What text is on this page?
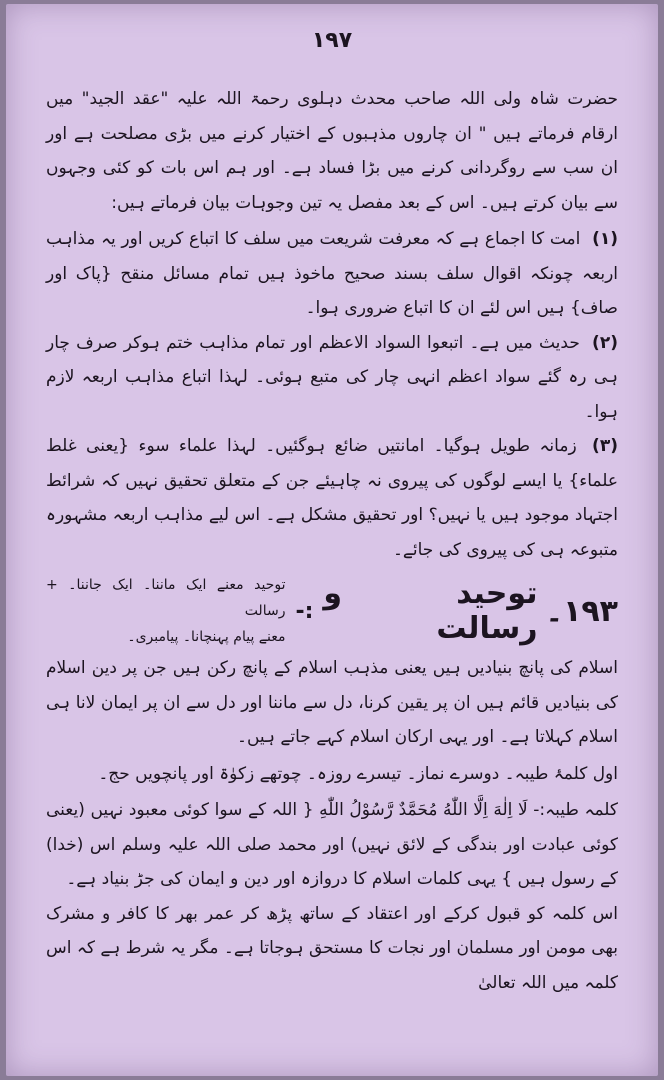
۱۹۷

حضرت شاہ ولی اللہ صاحب محدث دہلوی رحمۃ اللہ علیہ "عقد الجید" میں ارقام فرماتے ہیں " ان چاروں مذہبوں کے اختیار کرنے میں بڑی مصلحت ہے اور ان سب سے روگردانی کرنے میں بڑا فساد ہے۔ اور ہم اس بات کو کئی وجہوں سے بیان کرتے ہیں۔ اس کے بعد مفصل یہ تین وجوہات بیان فرماتے ہیں:

(۱) امت کا اجماع ہے کہ معرفت شریعت میں سلف کا اتباع کریں اور یہ مذاہب اربعہ چونکہ اقوال سلف بسند صحیح ماخوذ ہیں تمام مسائل منقح {پاک اور صاف} ہیں اس لئے ان کا اتباع ضروری ہوا۔

(۲) حدیث میں ہے۔ اتبعوا السواد الاعظم اور تمام مذاہب ختم ہوکر صرف چار ہی رہ گئے سواد اعظم انہی چار کی متبع ہوئی۔ لہذا اتباع مذاہب اربعہ لازم ہوا۔

(۳) زمانہ طویل ہوگیا۔ امانتیں ضائع ہوگئیں۔ لہذا علماء سوء {یعنی غلط علماء} یا ایسے لوگوں کی پیروی نہ چاہیئے جن کے متعلق تحقیق نہیں کہ شرائط اجتہاد موجود ہیں یا نہیں؟ اور تحقیق مشکل ہے۔ اس لیے مذاہب اربعہ مشہورہ متبوعہ ہی کی پیروی کی جائے۔

۱۹۳۔
توحید و رسالت
:-
توحید معنے ایک ماننا۔ ایک جاننا۔ + رسالت
معنے پیام پہنچانا۔ پیامبری۔

اسلام کی پانچ بنیادیں ہیں یعنی مذہب اسلام کے پانچ رکن ہیں جن پر دین اسلام کی بنیادیں قائم ہیں ان پر یقین کرنا، دل سے ماننا اور دل سے ان پر ایمان لانا ہی اسلام کہلاتا ہے۔ اور یہی ارکان اسلام کہے جاتے ہیں۔

اول کلمۂ طیبہ۔ دوسرے نماز۔ تیسرے روزہ۔ چوتھے زکوٰۃ اور پانچویں حج۔

کلمہ طیبہ:- لَا اِلٰهَ اِلَّا اللّٰهُ مُحَمَّدٌ رَّسُوْلُ اللّٰهِ { اللہ کے سوا کوئی معبود نہیں (یعنی کوئی عبادت اور بندگی کے لائق نہیں) اور محمد صلی اللہ علیہ وسلم اس (خدا) کے رسول ہیں } یہی کلمات اسلام کا دروازہ اور دین و ایمان کی جڑ بنیاد ہے۔

اس کلمہ کو قبول کرکے اور اعتقاد کے ساتھ پڑھ کر عمر بھر کا کافر و مشرک بھی مومن اور مسلمان اور نجات کا مستحق ہوجاتا ہے۔ مگر یہ شرط ہے کہ اس کلمہ میں اللہ تعالیٰ
